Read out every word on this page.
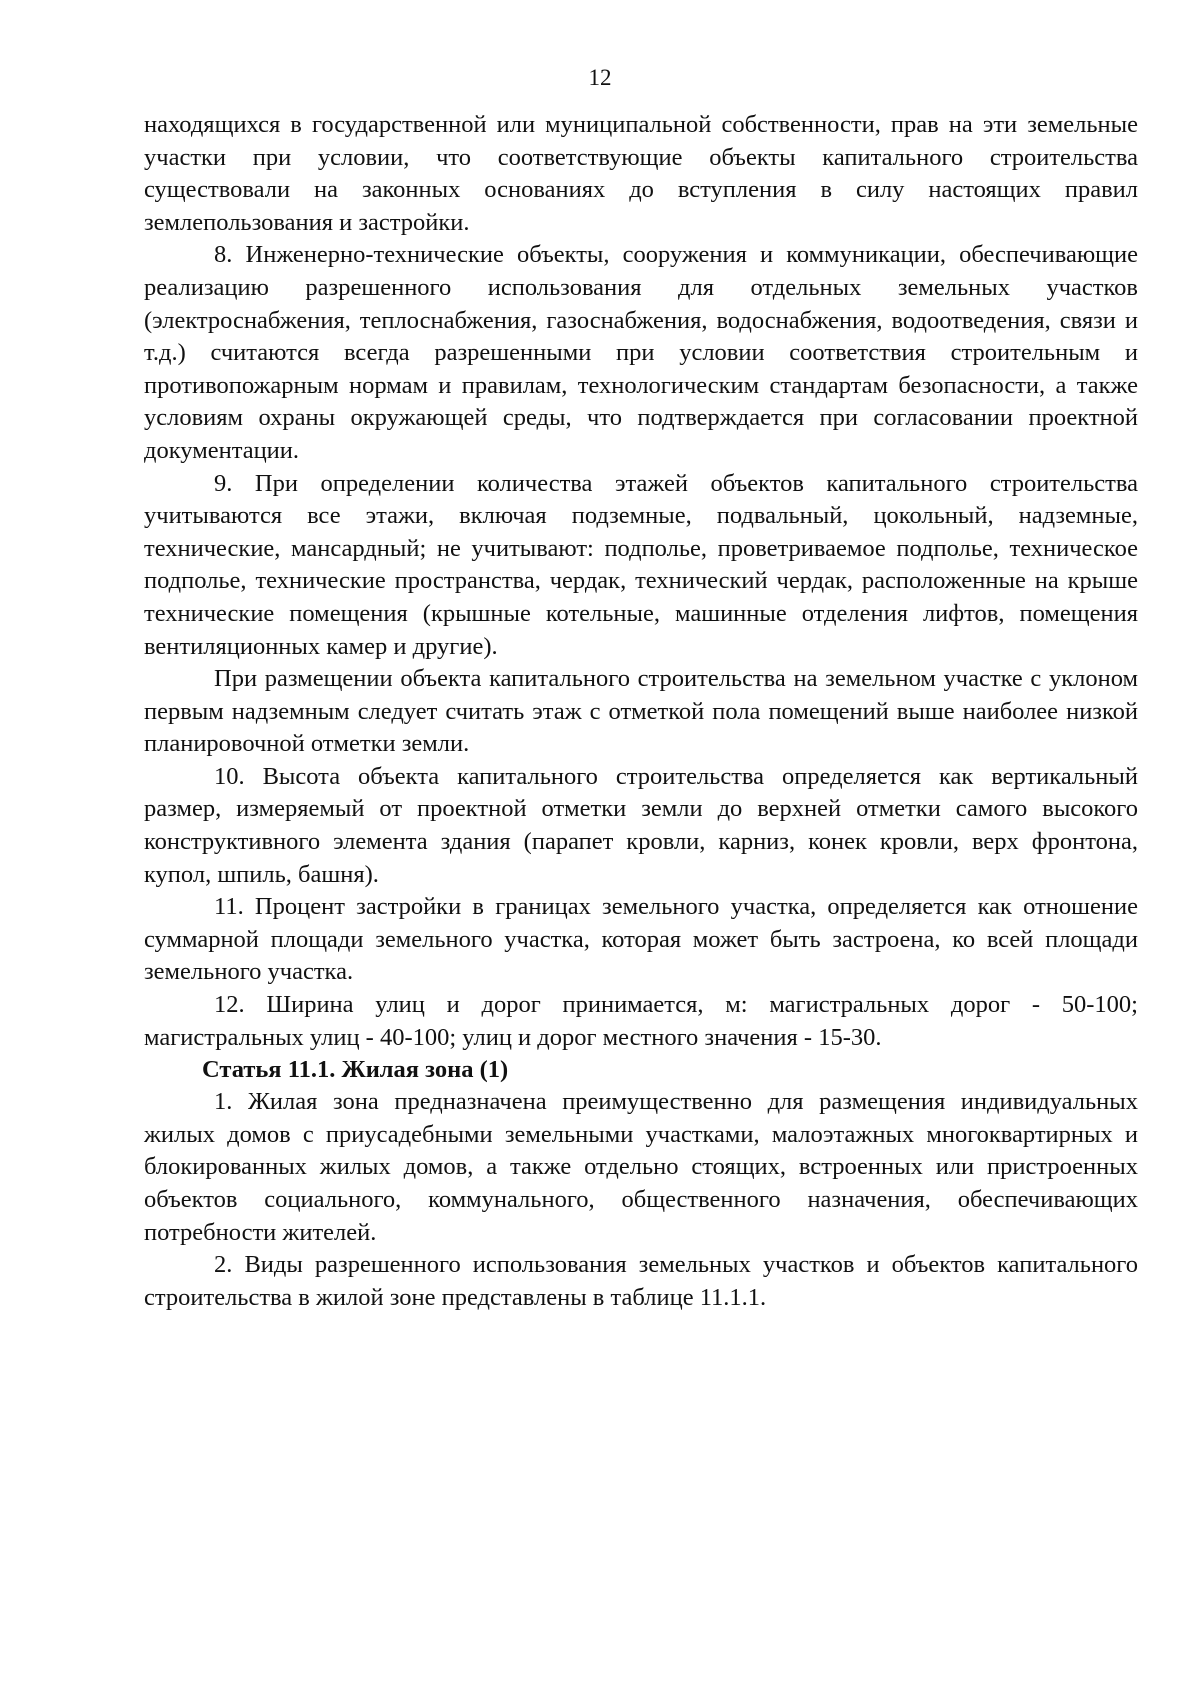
12

находящихся в государственной или муниципальной собственности, прав на эти земельные участки при условии, что соответствующие объекты капитального строительства существовали на законных основаниях до вступления в силу настоящих правил землепользования и застройки.

8. Инженерно-технические объекты, сооружения и коммуникации, обеспечивающие реализацию разрешенного использования для отдельных земельных участков (электроснабжения, теплоснабжения, газоснабжения, водоснабжения, водоотведения, связи и т.д.) считаются всегда разрешенными при условии соответствия строительным и противопожарным нормам и правилам, технологическим стандартам безопасности, а также условиям охраны окружающей среды, что подтверждается при согласовании проектной документации.

9. При определении количества этажей объектов капитального строительства учитываются все этажи, включая подземные, подвальный, цокольный, надземные, технические, мансардный; не учитывают: подполье, проветриваемое подполье, техническое подполье, технические пространства, чердак, технический чердак, расположенные на крыше технические помещения (крышные котельные, машинные отделения лифтов, помещения вентиляционных камер и другие).

При размещении объекта капитального строительства на земельном участке с уклоном первым надземным следует считать этаж с отметкой пола помещений выше наиболее низкой планировочной отметки земли.

10. Высота объекта капитального строительства определяется как вертикальный размер, измеряемый от проектной отметки земли до верхней отметки самого высокого конструктивного элемента здания (парапет кровли, карниз, конек кровли, верх фронтона, купол, шпиль, башня).

11. Процент застройки в границах земельного участка, определяется как отношение суммарной площади земельного участка, которая может быть застроена, ко всей площади земельного участка.

12. Ширина улиц и дорог принимается, м: магистральных дорог - 50-100; магистральных улиц - 40-100; улиц и дорог местного значения - 15-30.

Статья 11.1. Жилая зона (1)

1. Жилая зона предназначена преимущественно для размещения индивидуальных жилых домов с приусадебными земельными участками, малоэтажных многоквартирных и блокированных жилых домов, а также отдельно стоящих, встроенных или пристроенных объектов социального, коммунального, общественного назначения, обеспечивающих потребности жителей.

2. Виды разрешенного использования земельных участков и объектов капитального строительства в жилой зоне представлены в таблице 11.1.1.
